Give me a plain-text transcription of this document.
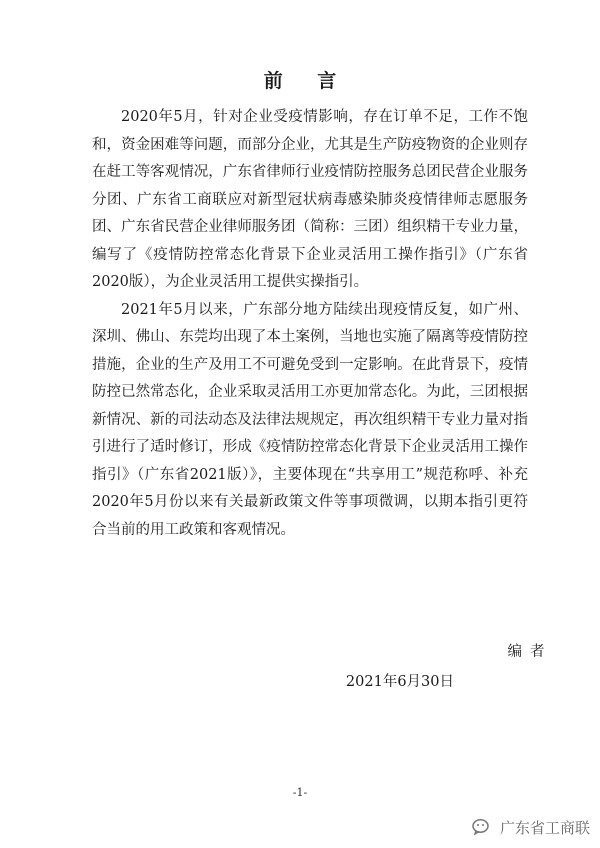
前 言

2020年5月，针对企业受疫情影响，存在订单不足，工作不饱和，资金困难等问题，而部分企业，尤其是生产防疫物资的企业则存在赶工等客观情况，广东省律师行业疫情防控服务总团民营企业服务分团、广东省工商联应对新型冠状病毒感染肺炎疫情律师志愿服务团、广东省民营企业律师服务团（简称：三团）组织精干专业力量，编写了《疫情防控常态化背景下企业灵活用工操作指引》（广东省2020版），为企业灵活用工提供实操指引。

2021年5月以来，广东部分地方陆续出现疫情反复，如广州、深圳、佛山、东莞均出现了本土案例，当地也实施了隔离等疫情防控措施，企业的生产及用工不可避免受到一定影响。在此背景下，疫情防控已然常态化，企业采取灵活用工亦更加常态化。为此，三团根据新情况、新的司法动态及法律法规规定，再次组织精干专业力量对指引进行了适时修订，形成《疫情防控常态化背景下企业灵活用工操作指引》（广东省2021版）》，主要体现在“共享用工”规范称呼、补充2020年5月份以来有关最新政策文件等事项微调，以期本指引更符合当前的用工政策和客观情况。

编者
2021年6月30日
-1-
广东省工商联
